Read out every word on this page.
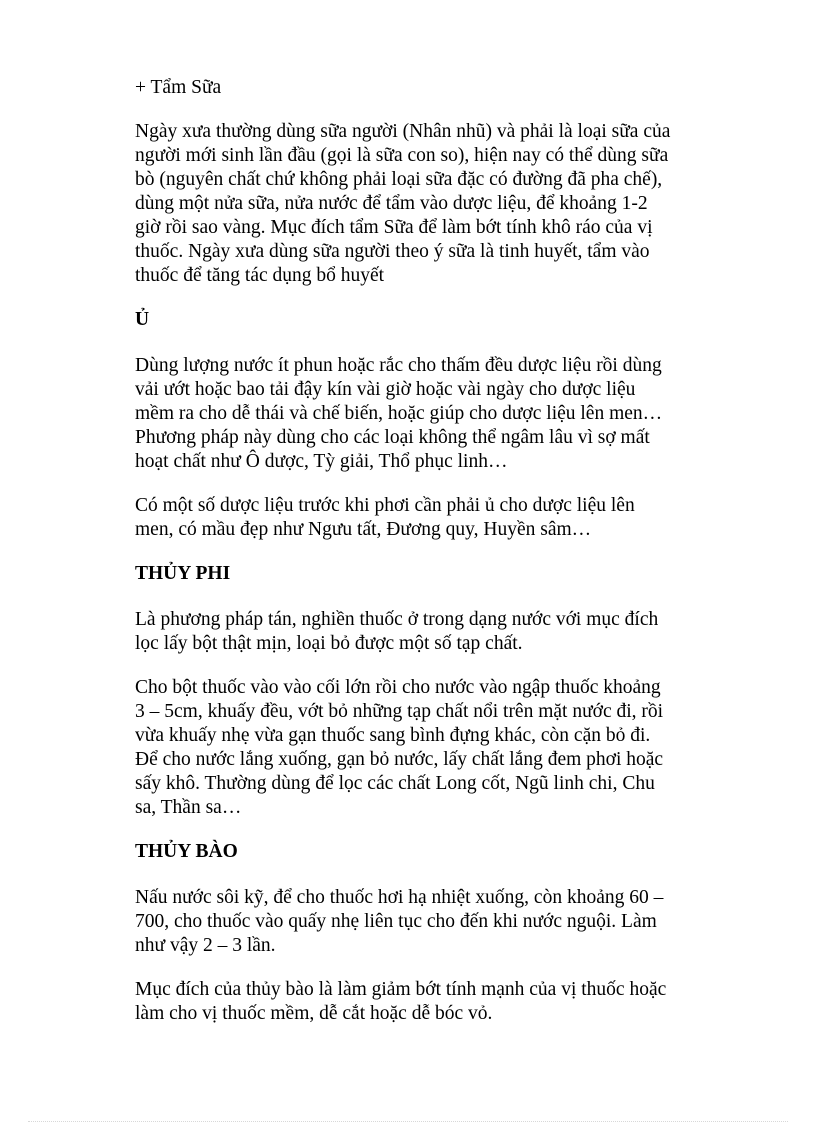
+ Tẩm Sữa
Ngày xưa thường dùng sữa người (Nhân nhũ) và phải là loại sữa của
người mới sinh lần đầu (gọi là sữa con so), hiện nay có thể dùng sữa
bò (nguyên chất chứ không phải loại sữa đặc có đường đã pha chế),
dùng một nửa sữa, nửa nước để tẩm vào dược liệu, để khoảng 1-2
giờ rồi sao vàng. Mục đích tẩm Sữa để làm bớt tính khô ráo của vị
thuốc. Ngày xưa dùng sữa người theo ý sữa là tinh huyết, tẩm vào
thuốc để tăng tác dụng bổ huyết
Ủ
Dùng lượng nước ít phun hoặc rắc cho thấm đều dược liệu rồi dùng
vải ướt hoặc bao tải đậy kín vài giờ hoặc vài ngày cho dược liệu
mềm ra cho dễ thái và chế biến, hoặc giúp cho dược liệu lên men…
Phương pháp này dùng cho các loại không thể ngâm lâu vì sợ mất
hoạt chất như Ô dược, Tỳ giải, Thổ phục linh…
Có một số dược liệu trước khi phơi cần phải ủ cho dược liệu lên
men, có mầu đẹp như Ngưu tất, Đương quy, Huyền sâm…
THỦY PHI
Là phương pháp tán, nghiền thuốc ở trong dạng nước với mục đích
lọc lấy bột thật mịn, loại bỏ được một số tạp chất.
Cho bột thuốc vào vào cối lớn rồi cho nước vào ngập thuốc khoảng
3 – 5cm, khuấy đều, vớt bỏ những tạp chất nổi trên mặt nước đi, rồi
vừa khuấy nhẹ vừa gạn thuốc sang bình đựng khác, còn cặn bỏ đi.
Để cho nước lắng xuống, gạn bỏ nước, lấy chất lắng đem phơi hoặc
sấy khô. Thường dùng để lọc các chất Long cốt, Ngũ linh chi, Chu
sa, Thần sa…
THỦY BÀO
Nấu nước sôi kỹ, để cho thuốc hơi hạ nhiệt xuống, còn khoảng 60 –
700, cho thuốc vào quấy nhẹ liên tục cho đến khi nước nguội. Làm
như vậy 2 – 3 lần.
Mục đích của thủy bào là làm giảm bớt tính mạnh của vị thuốc hoặc
làm cho vị thuốc mềm, dễ cắt hoặc dễ bóc vỏ.
